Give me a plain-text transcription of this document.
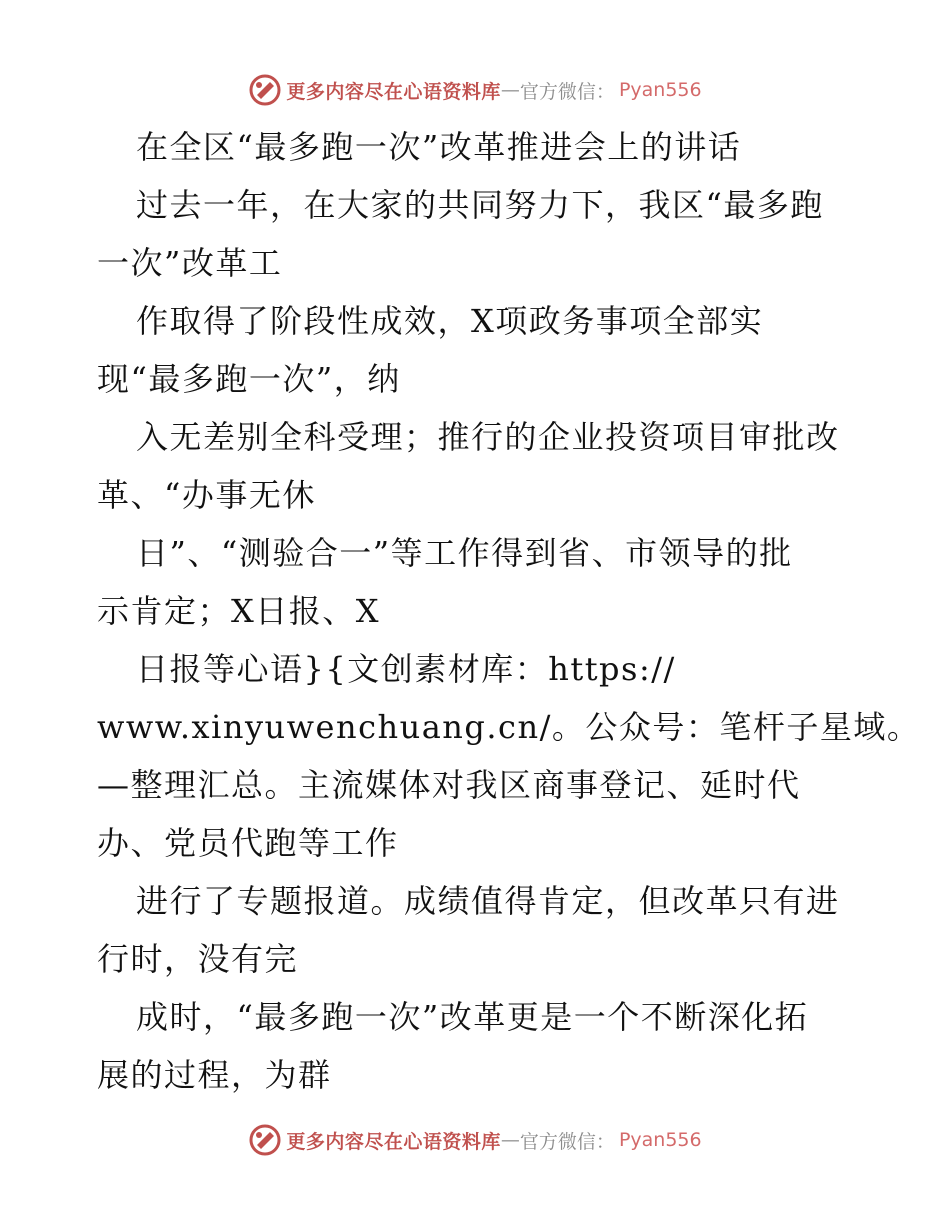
更多内容尽在心语资料库 — 官方微信： Pyan556
在全区“最多跑一次”改革推进会上的讲话
过去一年，在大家的共同努力下，我区“最多跑
一次”改革工
作取得了阶段性成效，X项政务事项全部实
现“最多跑一次”，纳
入无差别全科受理；推行的企业投资项目审批改
革、“办事无休
日”、“测验合一”等工作得到省、市领导的批
示肯定；X日报、X
日报等心语}{文创素材库：https://
www.xinyuwenchuang.cn/。公众号：笔杆子星域。
—整理汇总。主流媒体对我区商事登记、延时代
办、党员代跑等工作
进行了专题报道。成绩值得肯定，但改革只有进
行时，没有完
成时，“最多跑一次”改革更是一个不断深化拓
展的过程，为群
更多内容尽在心语资料库 — 官方微信： Pyan556
